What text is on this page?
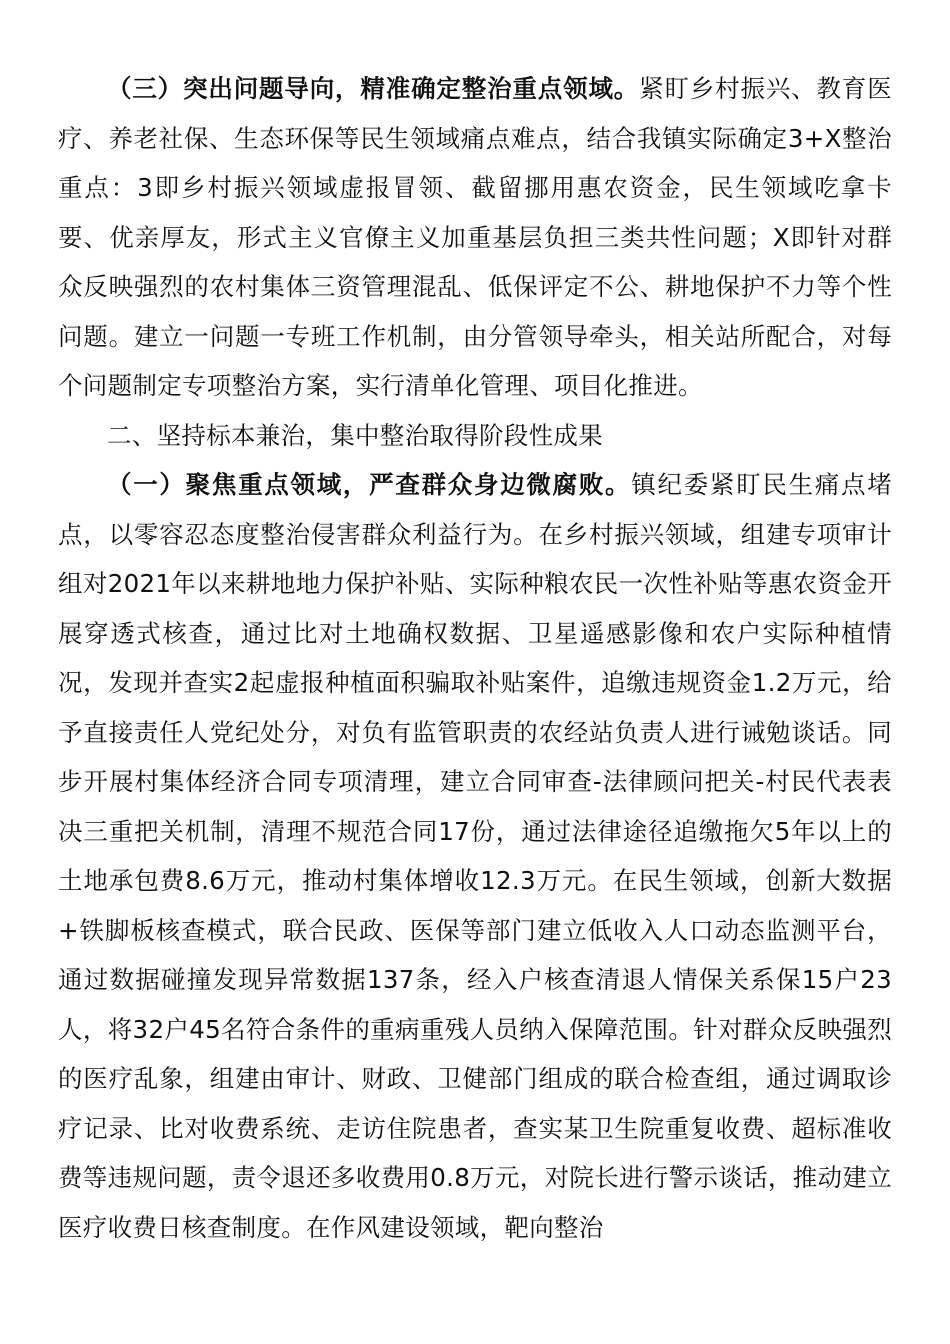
（三）突出问题导向，精准确定整治重点领域。紧盯乡村振兴、教育医疗、养老社保、生态环保等民生领域痛点难点，结合我镇实际确定3+X整治重点：3即乡村振兴领域虚报冒领、截留挪用惠农资金，民生领域吃拿卡要、优亲厚友，形式主义官僚主义加重基层负担三类共性问题；X即针对群众反映强烈的农村集体三资管理混乱、低保评定不公、耕地保护不力等个性问题。建立一问题一专班工作机制，由分管领导牵头，相关站所配合，对每个问题制定专项整治方案，实行清单化管理、项目化推进。

二、坚持标本兼治，集中整治取得阶段性成果

（一）聚焦重点领域，严查群众身边微腐败。镇纪委紧盯民生痛点堵点，以零容忍态度整治侵害群众利益行为。在乡村振兴领域，组建专项审计组对2021年以来耕地地力保护补贴、实际种粮农民一次性补贴等惠农资金开展穿透式核查，通过比对土地确权数据、卫星遥感影像和农户实际种植情况，发现并查实2起虚报种植面积骗取补贴案件，追缴违规资金1.2万元，给予直接责任人党纪处分，对负有监管职责的农经站负责人进行诫勉谈话。同步开展村集体经济合同专项清理，建立合同审查-法律顾问把关-村民代表表决三重把关机制，清理不规范合同17份，通过法律途径追缴拖欠5年以上的土地承包费8.6万元，推动村集体增收12.3万元。在民生领域，创新大数据+铁脚板核查模式，联合民政、医保等部门建立低收入人口动态监测平台，通过数据碰撞发现异常数据137条，经入户核查清退人情保关系保15户23人，将32户45名符合条件的重病重残人员纳入保障范围。针对群众反映强烈的医疗乱象，组建由审计、财政、卫健部门组成的联合检查组，通过调取诊疗记录、比对收费系统、走访住院患者，查实某卫生院重复收费、超标准收费等违规问题，责令退还多收费用0.8万元，对院长进行警示谈话，推动建立医疗收费日核查制度。在作风建设领域，靶向整治
